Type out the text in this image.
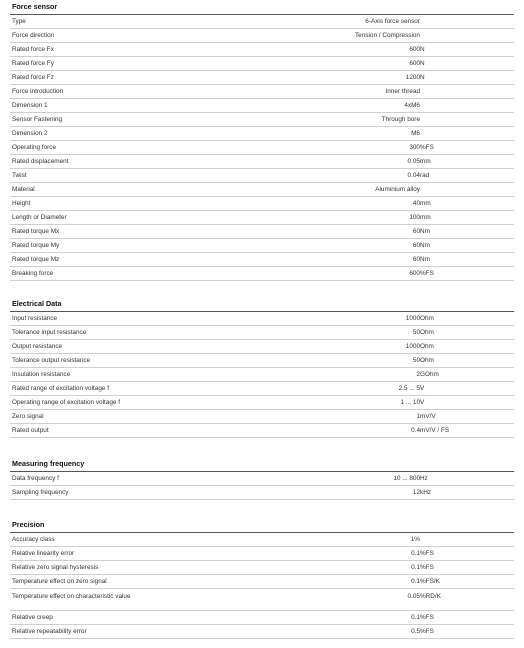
Force sensor
Type	6-Axis force sensor
Force direction	Tension / Compression
Rated force Fx	600 N
Rated force Fy	600 N
Rated force Fz	1200 N
Force introduction	Inner thread
Dimension 1	4xM6
Sensor Fastening	Through bore
Dimension 2	M6
Operating force	300 %FS
Rated displacement	0.05 mm
Twist	0.04 rad
Material	Aluminium alloy
Height	40 mm
Length or Diameter	100 mm
Rated torque Mx	60 Nm
Rated torque My	60 Nm
Rated torque Mz	60 Nm
Breaking force	600 %FS
Electrical Data
Input resistance	1000 Ohm
Tolerance input resistance	50 Ohm
Output resistance	1000 Ohm
Tolerance output resistance	50 Ohm
Insulation resistance	2 GOhm
Rated range of excitation voltage f	2.5 ... 5 V
Operating range of excitation voltage f	1 ... 10 V
Zero signal	1 mV/V
Rated output	0.4 mV/V / FS
Measuring frequency
Data frequency f	10 ... 800 Hz
Sampling frequency	12 kHz
Precision
Accuracy class	1%
Relative linearity error	0.1 %FS
Relative zero signal hysteresis	0.1 %FS
Temperature effect on zero signal	0.1 %FS/K
Temperature effect on characteristic value	0.05 %RD/K
Relative creep	0.1 %FS
Relative repeatability error	0.5 %FS
